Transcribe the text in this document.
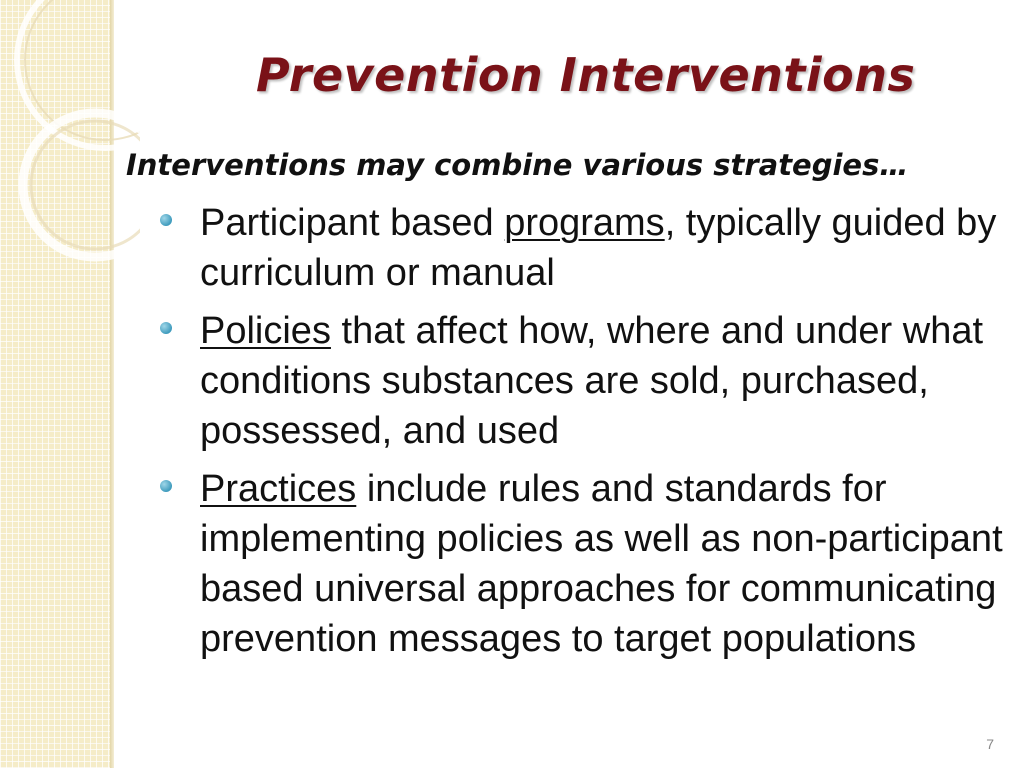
Prevention Interventions

Interventions may combine various strategies…

Participant based programs, typically guided by curriculum or manual
Policies that affect how, where and under what conditions substances are sold, purchased, possessed, and used
Practices include rules and standards for implementing policies as well as non-participant based universal approaches for communicating prevention messages to target populations
7
